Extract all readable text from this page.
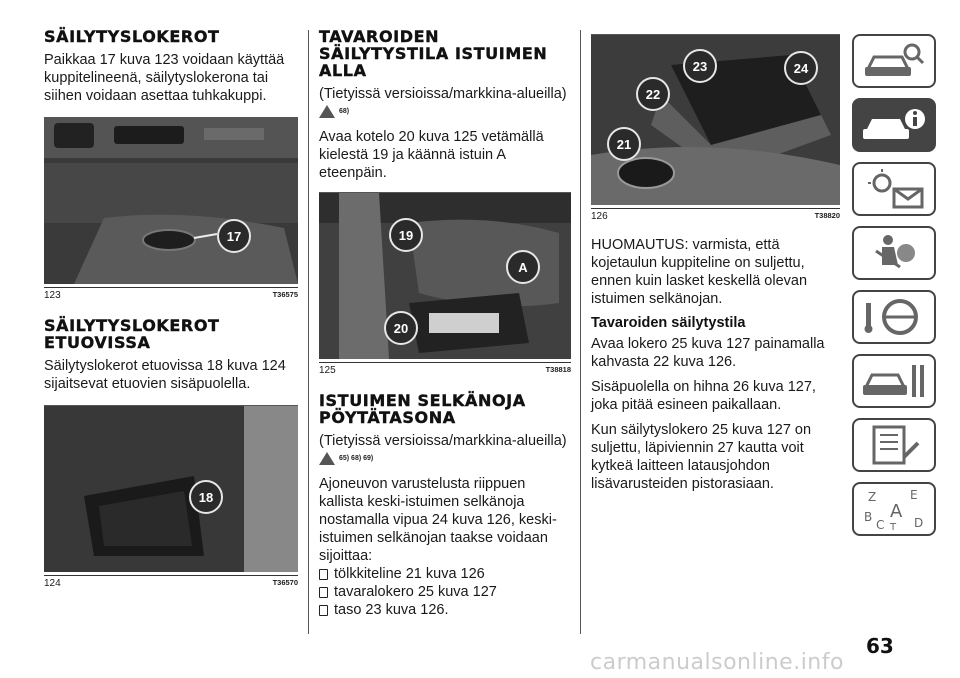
SÄILYTYSLOKEROT

Paikkaa 17 kuva 123 voidaan käyttää kuppitelineenä, säilytyslokerona tai siihen voidaan asettaa tuhkakuppi.

17
123	T36575
SÄILYTYSLOKEROT ETUOVISSA

Säilytyslokerot etuovissa 18 kuva 124 sijaitsevat etuovien sisäpuolella.

18
124	T36570
TAVAROIDEN SÄILYTYSTILA ISTUIMEN ALLA

(Tietyissä versioissa/markkina-alueilla)

68)

Avaa kotelo 20 kuva 125 vetämällä kielestä 19 ja käännä istuin A eteenpäin.

19
A
20
125	T38818
ISTUIMEN SELKÄNOJA PÖYTÄTASONA

(Tietyissä versioissa/markkina-alueilla)

65) 68) 69)

Ajoneuvon varustelusta riippuen kallista keski-istuimen selkänoja nostamalla vipua 24 kuva 126, keski-istuimen selkänojan taakse voidaan sijoittaa:

tölkkiteline 21 kuva 126
tavaralokero 25 kuva 127
taso 23 kuva 126.
23	24
22
21
126	T38820

HUOMAUTUS: varmista, että kojetaulun kuppiteline on suljettu, ennen kuin lasket keskellä olevan istuimen selkänojan.

Tavaroiden säilytystila

Avaa lokero 25 kuva 127 painamalla kahvasta 22 kuva 126.

Sisäpuolella on hihna 26 kuva 127, joka pitää esineen paikallaan.

Kun säilytyslokero 25 kuva 127 on suljettu, läpiviennin 27 kautta voit kytkeä laitteen latausjohdon lisävarusteiden pistorasiaan.

Z	E
A
B
C T D
63
carmanualsonline.info
